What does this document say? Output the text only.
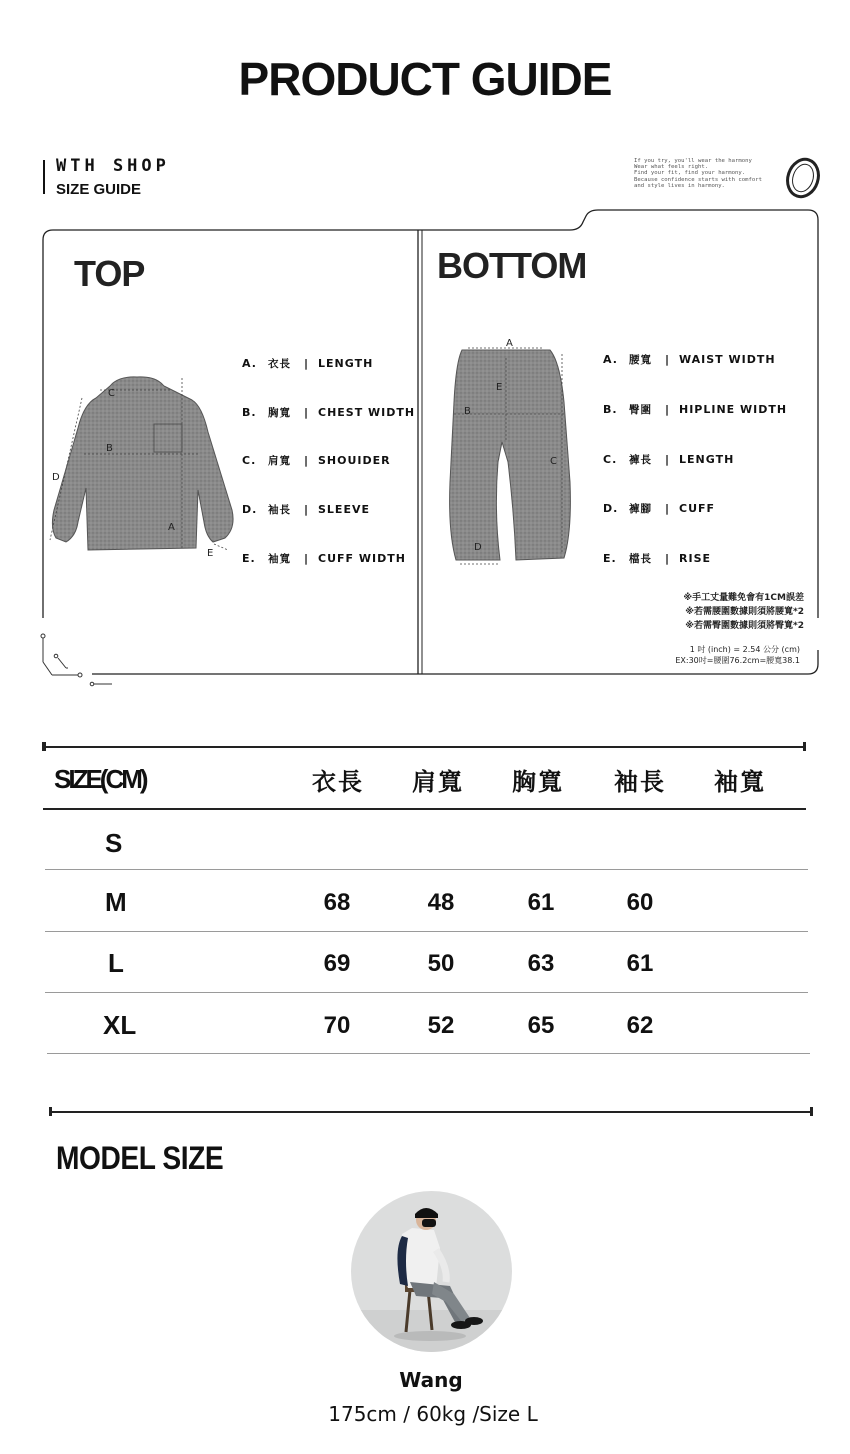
PRODUCT GUIDE
WTH SHOP
SIZE GUIDE
If you try, you'll wear the harmony
Wear what feels right.
Find your fit, find your harmony.
Because confidence starts with comfort
and style lives in harmony.
TOP
C
B
D
A
E
A. 衣長 | LENGTH
B. 胸寬 | CHEST WIDTH
C. 肩寬 | SHOUIDER
D. 袖長 | SLEEVE
E. 袖寬 | CUFF WIDTH
BOTTOM
A
E
B
C
D
A. 腰寬 | WAIST WIDTH
B. 臀圍 | HIPLINE WIDTH
C. 褲長 | LENGTH
D. 褲腳 | CUFF
E. 檔長 | RISE
※手工丈量難免會有1CM誤差
※若需腰圍數據則須將腰寬*2
※若需臀圍數據則須將臀寬*2
1 吋 (inch) = 2.54 公分 (cm)
EX:30吋=腰圍76.2cm=腰寬38.1
SIZE(CM)	衣長	肩寬	胸寬	袖長	袖寬
S
M	68	48	61	60
L	69	50	63	61
XL	70	52	65	62
MODEL SIZE
Wang
175cm / 60kg /Size L
